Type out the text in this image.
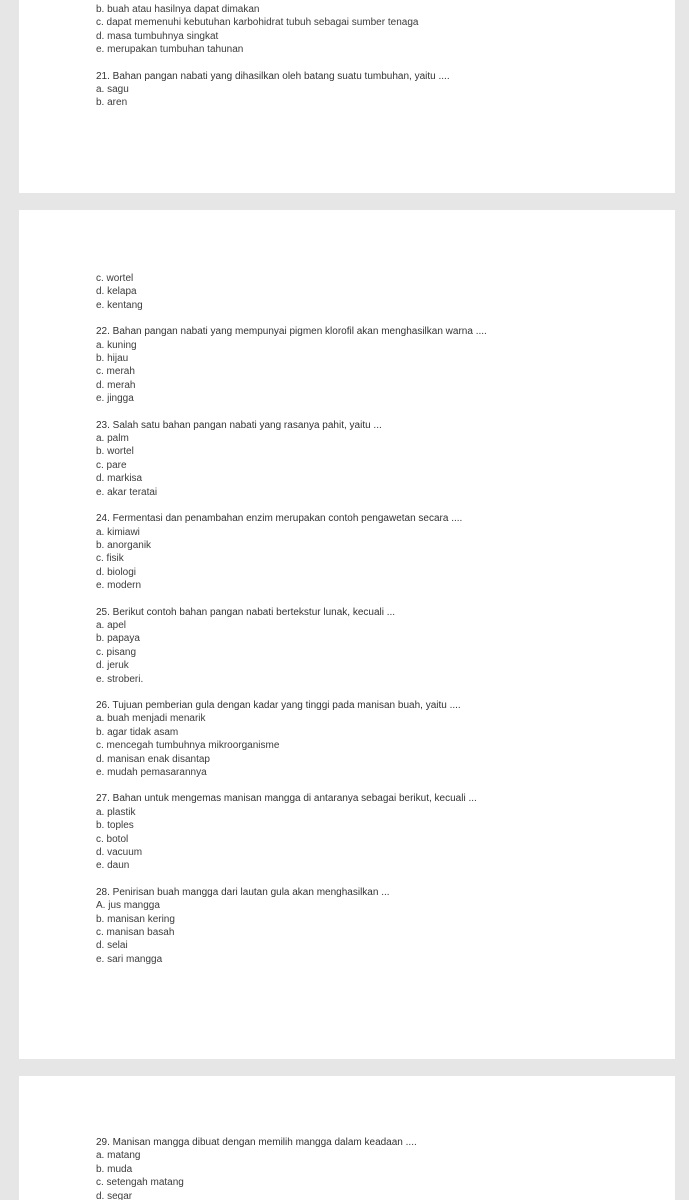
b. buah atau hasilnya dapat dimakan
c. dapat memenuhi kebutuhan karbohidrat tubuh sebagai sumber tenaga
d. masa tumbuhnya singkat
e. merupakan tumbuhan tahunan
21. Bahan pangan nabati yang dihasilkan oleh batang suatu tumbuhan, yaitu ....
a. sagu
b. aren
c. wortel
d. kelapa
e. kentang
22. Bahan pangan nabati yang mempunyai pigmen klorofil akan menghasilkan warna ....
a. kuning
b. hijau
c. merah
d. merah
e. jingga
23. Salah satu bahan pangan nabati yang rasanya pahit, yaitu ...
a. palm
b. wortel
c. pare
d. markisa
e. akar teratai
24. Fermentasi dan penambahan enzim merupakan contoh pengawetan secara ....
a. kimiawi
b. anorganik
c. fisik
d. biologi
e. modern
25. Berikut contoh bahan pangan nabati bertekstur lunak, kecuali ...
a. apel
b. papaya
c. pisang
d. jeruk
e. stroberi.
26. Tujuan pemberian gula dengan kadar yang tinggi pada manisan buah, yaitu ....
a. buah menjadi menarik
b. agar tidak asam
c. mencegah tumbuhnya mikroorganisme
d. manisan enak disantap
e. mudah pemasarannya
27. Bahan untuk mengemas manisan mangga di antaranya sebagai berikut, kecuali ...
a. plastik
b. toples
c. botol
d. vacuum
e. daun
28. Penirisan buah mangga dari lautan gula akan menghasilkan ...
A. jus mangga
b. manisan kering
c. manisan basah
d. selai
e. sari mangga
29. Manisan mangga dibuat dengan memilih mangga dalam keadaan ....
a. matang
b. muda
c. setengah matang
d. segar
